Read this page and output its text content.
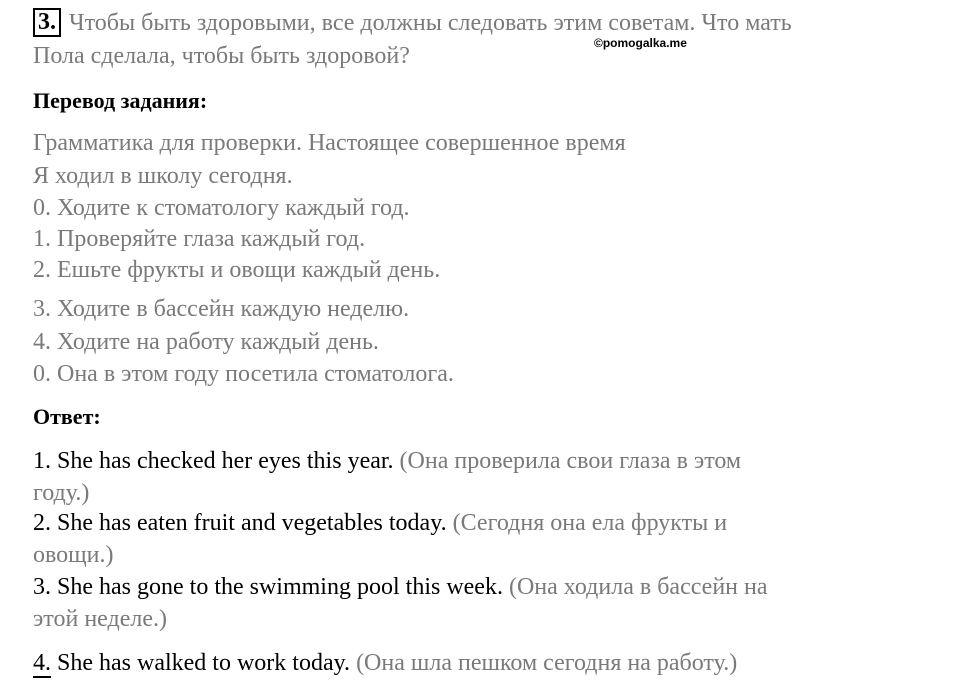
3. Чтобы быть здоровыми, все должны следовать этим советам. Что мать
©pomogalka.me
Пола сделала, чтобы быть здоровой?
Перевод задания:
Грамматика для проверки. Настоящее совершенное время
Я ходил в школу сегодня.
0. Ходите к стоматологу каждый год.
1. Проверяйте глаза каждый год.
2. Ешьте фрукты и овощи каждый день.
3. Ходите в бассейн каждую неделю.
4. Ходите на работу каждый день.
0. Она в этом году посетила стоматолога.
Ответ:
1. She has checked her eyes this year. (Она проверила свои глаза в этом
году.)
2. She has eaten fruit and vegetables today. (Сегодня она ела фрукты и
овощи.)
3. She has gone to the swimming pool this week. (Она ходила в бассейн на
этой неделе.)
4. She has walked to work today. (Она шла пешком сегодня на работу.)
